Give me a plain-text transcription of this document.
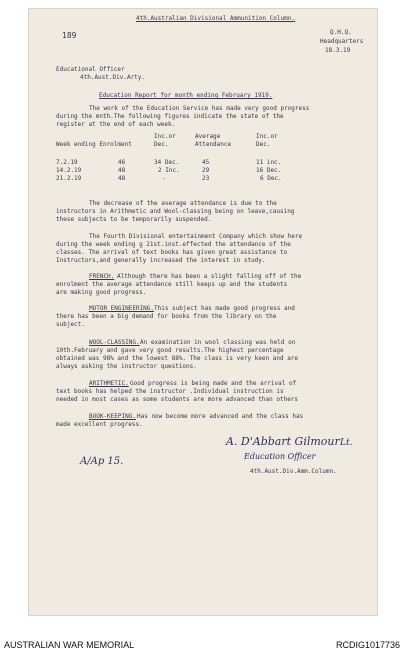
4th.Australian Divisional Ammunition Column.
189	Q.H.Q.
Headquarters
18.3.19
Educational Officer
4th.Aust.Div.Arty.
Education Report for month ending February 1919.
The work of the Education Service has made very good progress
during the mnth.The following figures indicate the state of the
register at the end of each week.
Inc.or	Average	Inc.or
Week ending Enrolment	Dec.	Attendance	Dec.
7.2.19	46	34 Dec.	45	11 inc.
14.2.19	48	2 Inc.	29	16 Dec.
21.2.19	48	-	23	6 Dec.
The decrease of the average attendance is due to the
instructors in Arithmetic and Wool-classing being on leave,causing
these subjects to be temporarily suspended.
The Fourth Divisional entertainment Company which show here
during the week ending g 21st.inst.effected the attendance of the
classes. The arrival of text books has given great assistance to
Instructors,and generally increased the interest in study.
FRENCH. Although there has been a slight falling off of the
enrolment the average attendance still keeps up and the students
are making good progress.
MOTOR ENGINEERING. This subject has made good progress and
there has been a big demand for books from the library on the
subject.
WOOL-CLASSING. An examination in wool classing was held on
10th.February and gave very good results.The highest percentage
obtained was 98% and the lowest 88%. The class is very keen and are
always asking the instructor questions.
ARITHMETIC. Good progress is being made and the arrival of
text books has helped the instructor .Individual instruction is
needed in most cases as some students are more advanced than others
BOOK-KEEPING. Has now become more advanced and the class has
made excellent progress.
A/Ap 15.
A. D'Abbart Gilmour Lt.
Education Officer
4th.Aust.Div.Amm.Column.
AUSTRALIAN WAR MEMORIAL	RCDIG1017736
